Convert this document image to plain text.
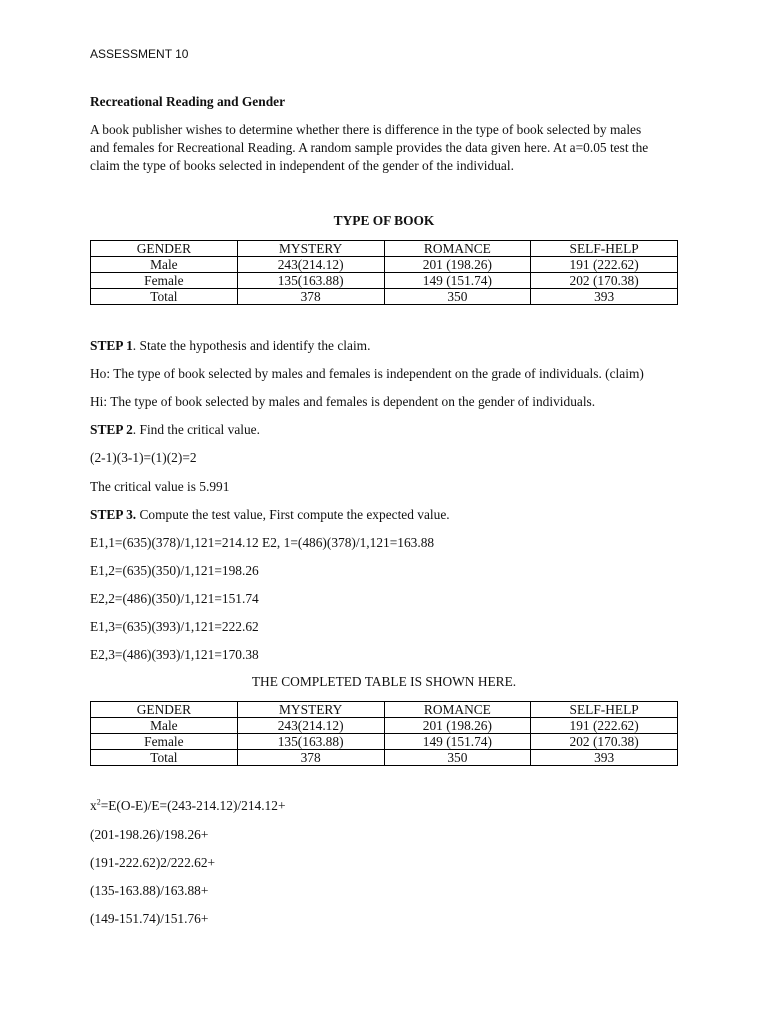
ASSESSMENT 10
Recreational Reading and Gender
A book publisher wishes to determine whether there is difference in the type of book selected by males
and females for Recreational Reading. A random sample provides the data given here. At a=0.05 test the
claim the type of books selected in independent of the gender of the individual.
TYPE OF BOOK
GENDER	MYSTERY	ROMANCE	SELF-HELP
Male	243(214.12)	201 (198.26)	191 (222.62)
Female	135(163.88)	149 (151.74)	202 (170.38)
Total	378	350	393
STEP 1. State the hypothesis and identify the claim.
Ho: The type of book selected by males and females is independent on the grade of individuals. (claim)
Hi: The type of book selected by males and females is dependent on the gender of individuals.
STEP 2. Find the critical value.
(2-1)(3-1)=(1)(2)=2
The critical value is 5.991
STEP 3. Compute the test value, First compute the expected value.
E1,1=(635)(378)/1,121=214.12 E2, 1=(486)(378)/1,121=163.88
E1,2=(635)(350)/1,121=198.26
E2,2=(486)(350)/1,121=151.74
E1,3=(635)(393)/1,121=222.62
E2,3=(486)(393)/1,121=170.38
THE COMPLETED TABLE IS SHOWN HERE.
GENDER	MYSTERY	ROMANCE	SELF-HELP
Male	243(214.12)	201 (198.26)	191 (222.62)
Female	135(163.88)	149 (151.74)	202 (170.38)
Total	378	350	393
$x^2=E(O-E)/E=(243-214.12)/214.12+$
(201-198.26)/198.26+
(191-222.62)2/222.62+
(135-163.88)/163.88+
(149-151.74)/151.76+
